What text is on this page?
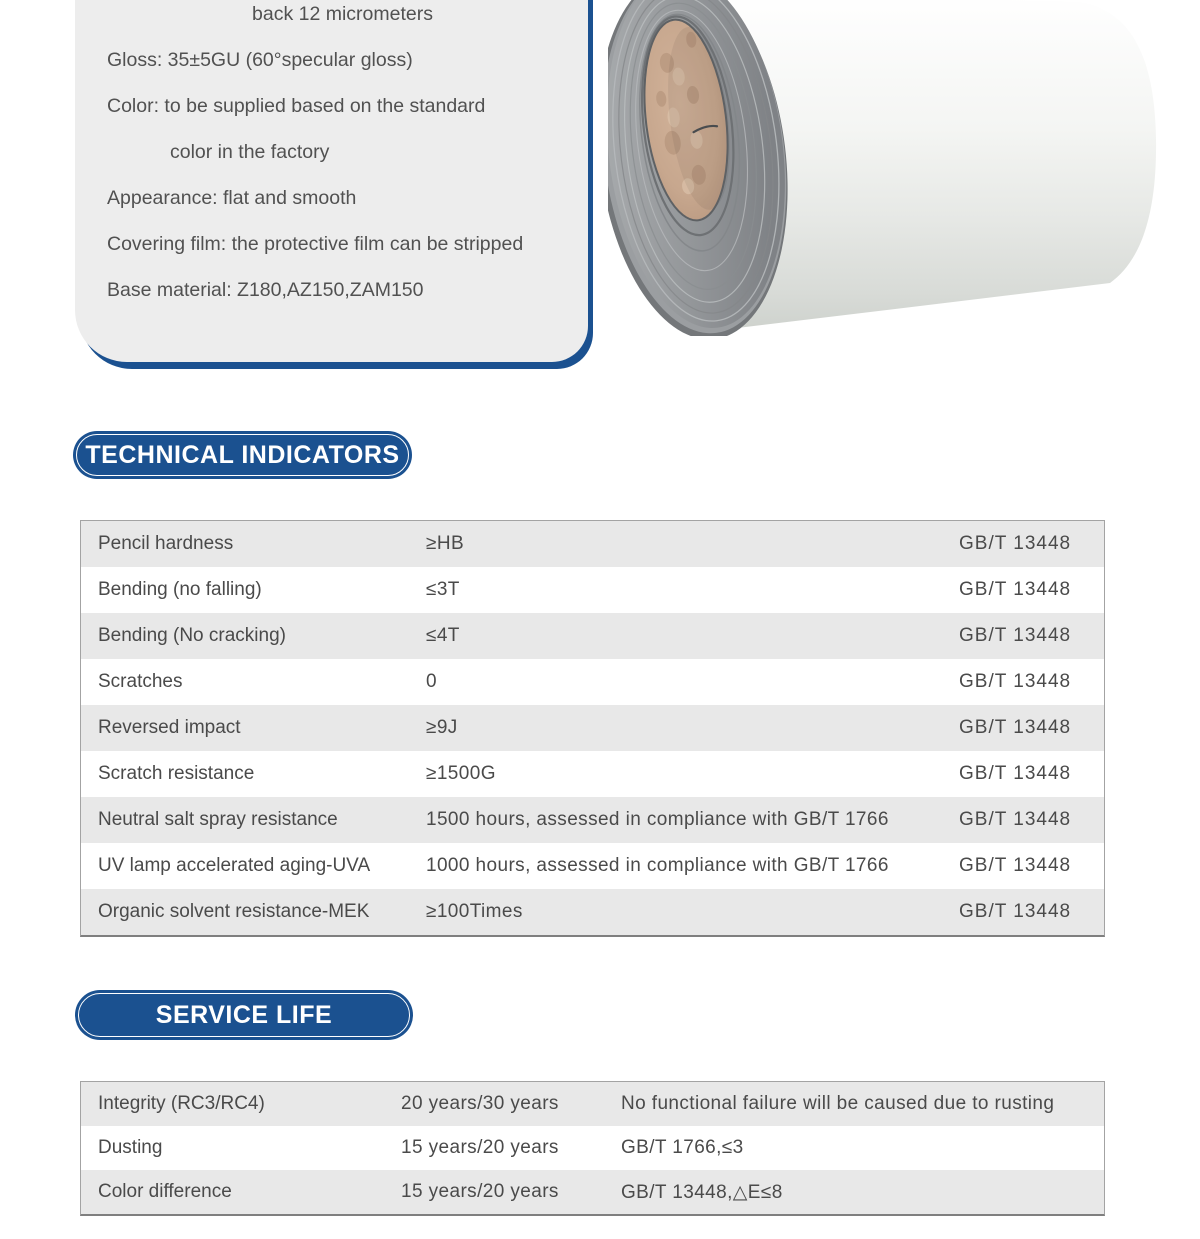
back 12 micrometers
Gloss: 35±5GU (60°specular gloss)
Color: to be supplied based on the standard
color in the factory
Appearance: flat and smooth
Covering film: the protective film can be stripped
Base material: Z180,AZ150,ZAM150
TECHNICAL INDICATORS
Pencil hardness	≥HB	GB/T 13448
Bending (no falling)	≤3T	GB/T 13448
Bending (No cracking)	≤4T	GB/T 13448
Scratches	0	GB/T 13448
Reversed impact	≥9J	GB/T 13448
Scratch resistance	≥1500G	GB/T 13448
Neutral salt spray resistance	1500 hours, assessed in compliance with GB/T 1766	GB/T 13448
UV lamp accelerated aging-UVA	1000 hours, assessed in compliance with GB/T 1766	GB/T 13448
Organic solvent resistance-MEK	≥100Times	GB/T 13448
SERVICE LIFE
Integrity (RC3/RC4)	20 years/30 years	No functional failure will be caused due to rusting
Dusting	15 years/20 years	GB/T 1766,≤3
Color difference	15 years/20 years	GB/T 13448,△E≤8
